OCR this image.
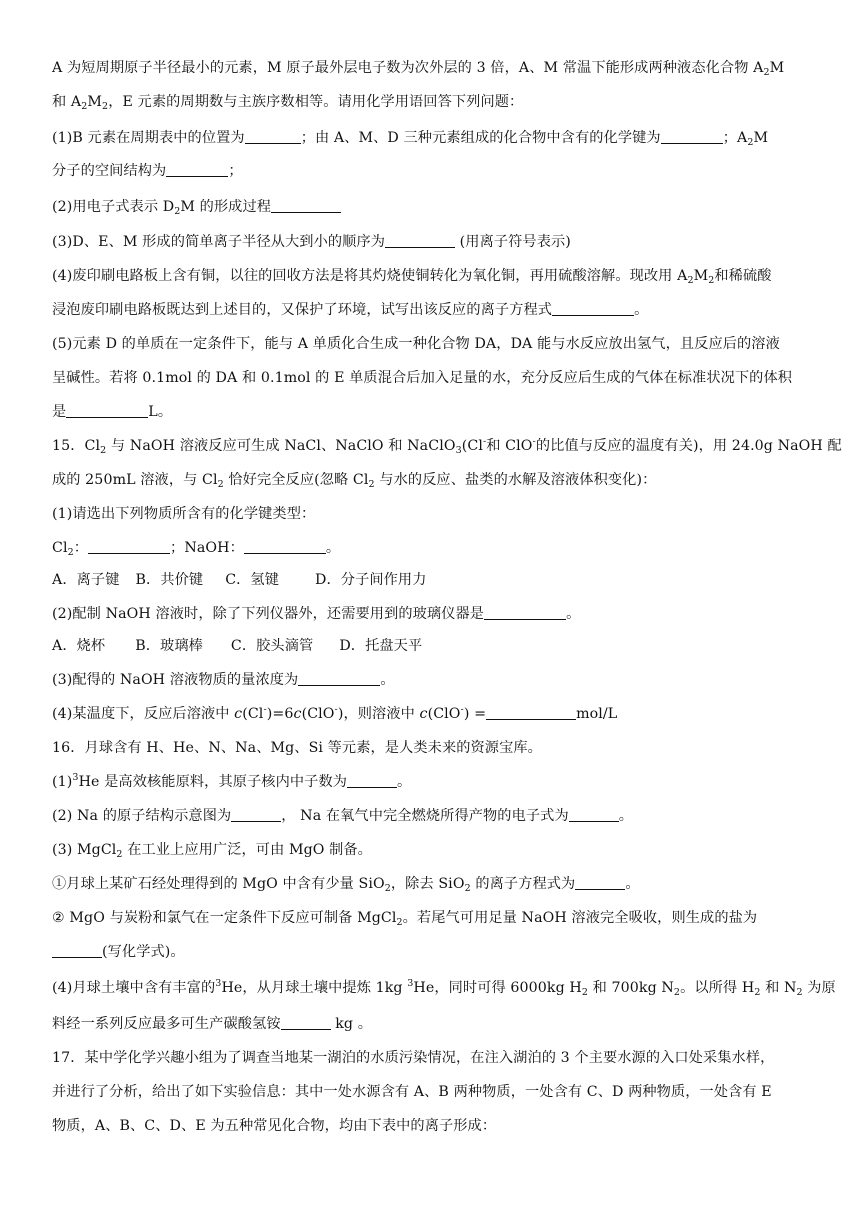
A 为短周期原子半径最小的元素，M 原子最外层电子数为次外层的 3 倍，A、M 常温下能形成两种液态化合物 $A_2M$
和 $A_2M_2$，E 元素的周期数与主族序数相等。请用化学用语回答下列问题：
(1)B 元素在周期表中的位置为	；由 A、M、D 三种元素组成的化合物中含有的化学键为	；$A_2M$
分子的空间结构为	；
(2)用电子式表示 $D_2M$ 的形成过程
(3)D、E、M 形成的简单离子半径从大到小的顺序为	(用离子符号表示)
(4)废印刷电路板上含有铜，以往的回收方法是将其灼烧使铜转化为氧化铜，再用硫酸溶解。现改用 $A_2M_2$和稀硫酸
浸泡废印刷电路板既达到上述目的，又保护了环境，试写出该反应的离子方程式	。
(5)元素 D 的单质在一定条件下，能与 A 单质化合生成一种化合物 DA，DA 能与水反应放出氢气，且反应后的溶液
呈碱性。若将 0.1mol 的 DA 和 0.1mol 的 E 单质混合后加入足量的水，充分反应后生成的气体在标准状况下的体积
是	L。
15．$Cl_2$ 与 NaOH 溶液反应可生成 NaCl、NaClO 和 NaClO$_3$(Cl-和 ClO-的比值与反应的温度有关)，用 24.0g NaOH 配
成的 250mL 溶液，与 $Cl_2$ 恰好完全反应(忽略 $Cl_2$ 与水的反应、盐类的水解及溶液体积变化)：
(1)请选出下列物质所含有的化学键类型：
$Cl_2$：	；NaOH：	。
A．离子键 B．共价键 C．氢键	D．分子间作用力
(2)配制 NaOH 溶液时，除了下列仪器外，还需要用到的玻璃仪器是	。
A．烧杯 B．玻璃棒 C．胶头滴管 D．托盘天平
(3)配得的 NaOH 溶液物质的量浓度为	。
(4)某温度下，反应后溶液中 c(Cl-)=6c(ClO-)，则溶液中 c(ClO-) =	mol/L
16．月球含有 H、He、N、Na、Mg、Si 等元素，是人类未来的资源宝库。
$(1)^3He$ 是高效核能原料，其原子核内中子数为	。
(2) Na 的原子结构示意图为	， Na 在氧气中完全燃烧所得产物的电子式为	。
(3) MgCl$_2$ 在工业上应用广泛，可由 MgO 制备。
①月球上某矿石经处理得到的 MgO 中含有少量 SiO$_2$，除去 SiO$_2$ 的离子方程式为	。
② MgO 与炭粉和氯气在一定条件下反应可制备 MgCl$_2$。若尾气可用足量 NaOH 溶液完全吸收，则生成的盐为
(写化学式)。
(4)月球土壤中含有丰富的$^3$He，从月球土壤中提炼 1kg $^3$He，同时可得 6000kg $H_2$ 和 700kg $N_2$。以所得 $H_2$ 和 $N_2$ 为原
料经一系列反应最多可生产碳酸氢铵	kg 。
17．某中学化学兴趣小组为了调查当地某一湖泊的水质污染情况，在注入湖泊的 3 个主要水源的入口处采集水样，
并进行了分析，给出了如下实验信息：其中一处水源含有 A、B 两种物质，一处含有 C、D 两种物质，一处含有 E
物质，A、B、C、D、E 为五种常见化合物，均由下表中的离子形成：
